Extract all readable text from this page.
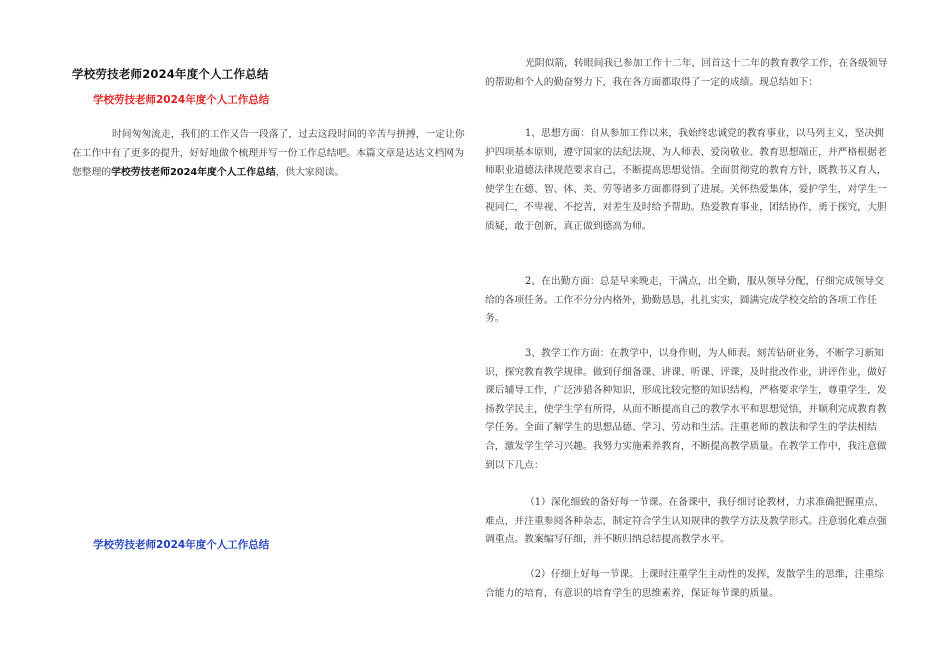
学校劳技老师2024年度个人工作总结

学校劳技老师2024年度个人工作总结

时间匆匆流走，我们的工作又告一段落了，过去这段时间的辛苦与拼搏，一定让你在工作中有了更多的提升，好好地做个梳理并写一份工作总结吧。本篇文章是达达文档网为您整理的学校劳技老师2024年度个人工作总结，供大家阅读。

学校劳技老师2024年度个人工作总结

光阴似箭，转眼间我已参加工作十二年，回首这十二年的教育教学工作，在各级领导的帮助和个人的勤奋努力下，我在各方面都取得了一定的成绩。现总结如下：

1、思想方面：自从参加工作以来，我始终忠诚党的教育事业，以马列主义，坚决拥护四项基本原则，遵守国家的法纪法规、为人师表、爱岗敬业、教育思想端正，并严格根据老师职业道德法律规范要求自己，不断提高思想觉悟。全面贯彻党的教育方针，既教书又育人，使学生在德、智、体、美、劳等诸多方面都得到了进展。关怀热爱集体，爱护学生，对学生一视同仁，不卑视、不挖苦，对差生及时给予帮助。热爱教育事业，团结协作，勇于探究，大胆质疑，敢于创新，真正做到德高为师。

2、在出勤方面：总是早来晚走，干满点，出全勤，服从领导分配，仔细完成领导交给的各项任务。工作不分分内格外，勤勤恳恳，扎扎实实，圆满完成学校交给的各项工作任务。

3、教学工作方面：在教学中，以身作则，为人师表。刻苦钻研业务，不断学习新知识，探究教育教学规律。做到仔细备课、讲课、听课、评课，及时批改作业，讲评作业，做好课后辅导工作，广泛涉猎各种知识，形成比较完整的知识结构，严格要求学生，尊重学生，发扬教学民主，使学生学有所得，从而不断提高自己的教学水平和思想觉悟，并顺利完成教育教学任务。全面了解学生的思想品德、学习、劳动和生活。注重老师的教法和学生的学法相结合，激发学生学习兴趣。我努力实施素养教育，不断提高教学质量。在教学工作中，我注意做到以下几点：

（1）深化细致的备好每一节课。在备课中，我仔细讨论教材，力求准确把握重点、难点，并注重参阅各种杂志，制定符合学生认知规律的教学方法及教学形式。注意弱化难点强调重点。教案编写仔细，并不断归纳总结提高教学水平。

（2）仔细上好每一节课。上课时注重学生主动性的发挥，发散学生的思维，注重综合能力的培育，有意识的培育学生的思维素养，保证每节课的质量。
